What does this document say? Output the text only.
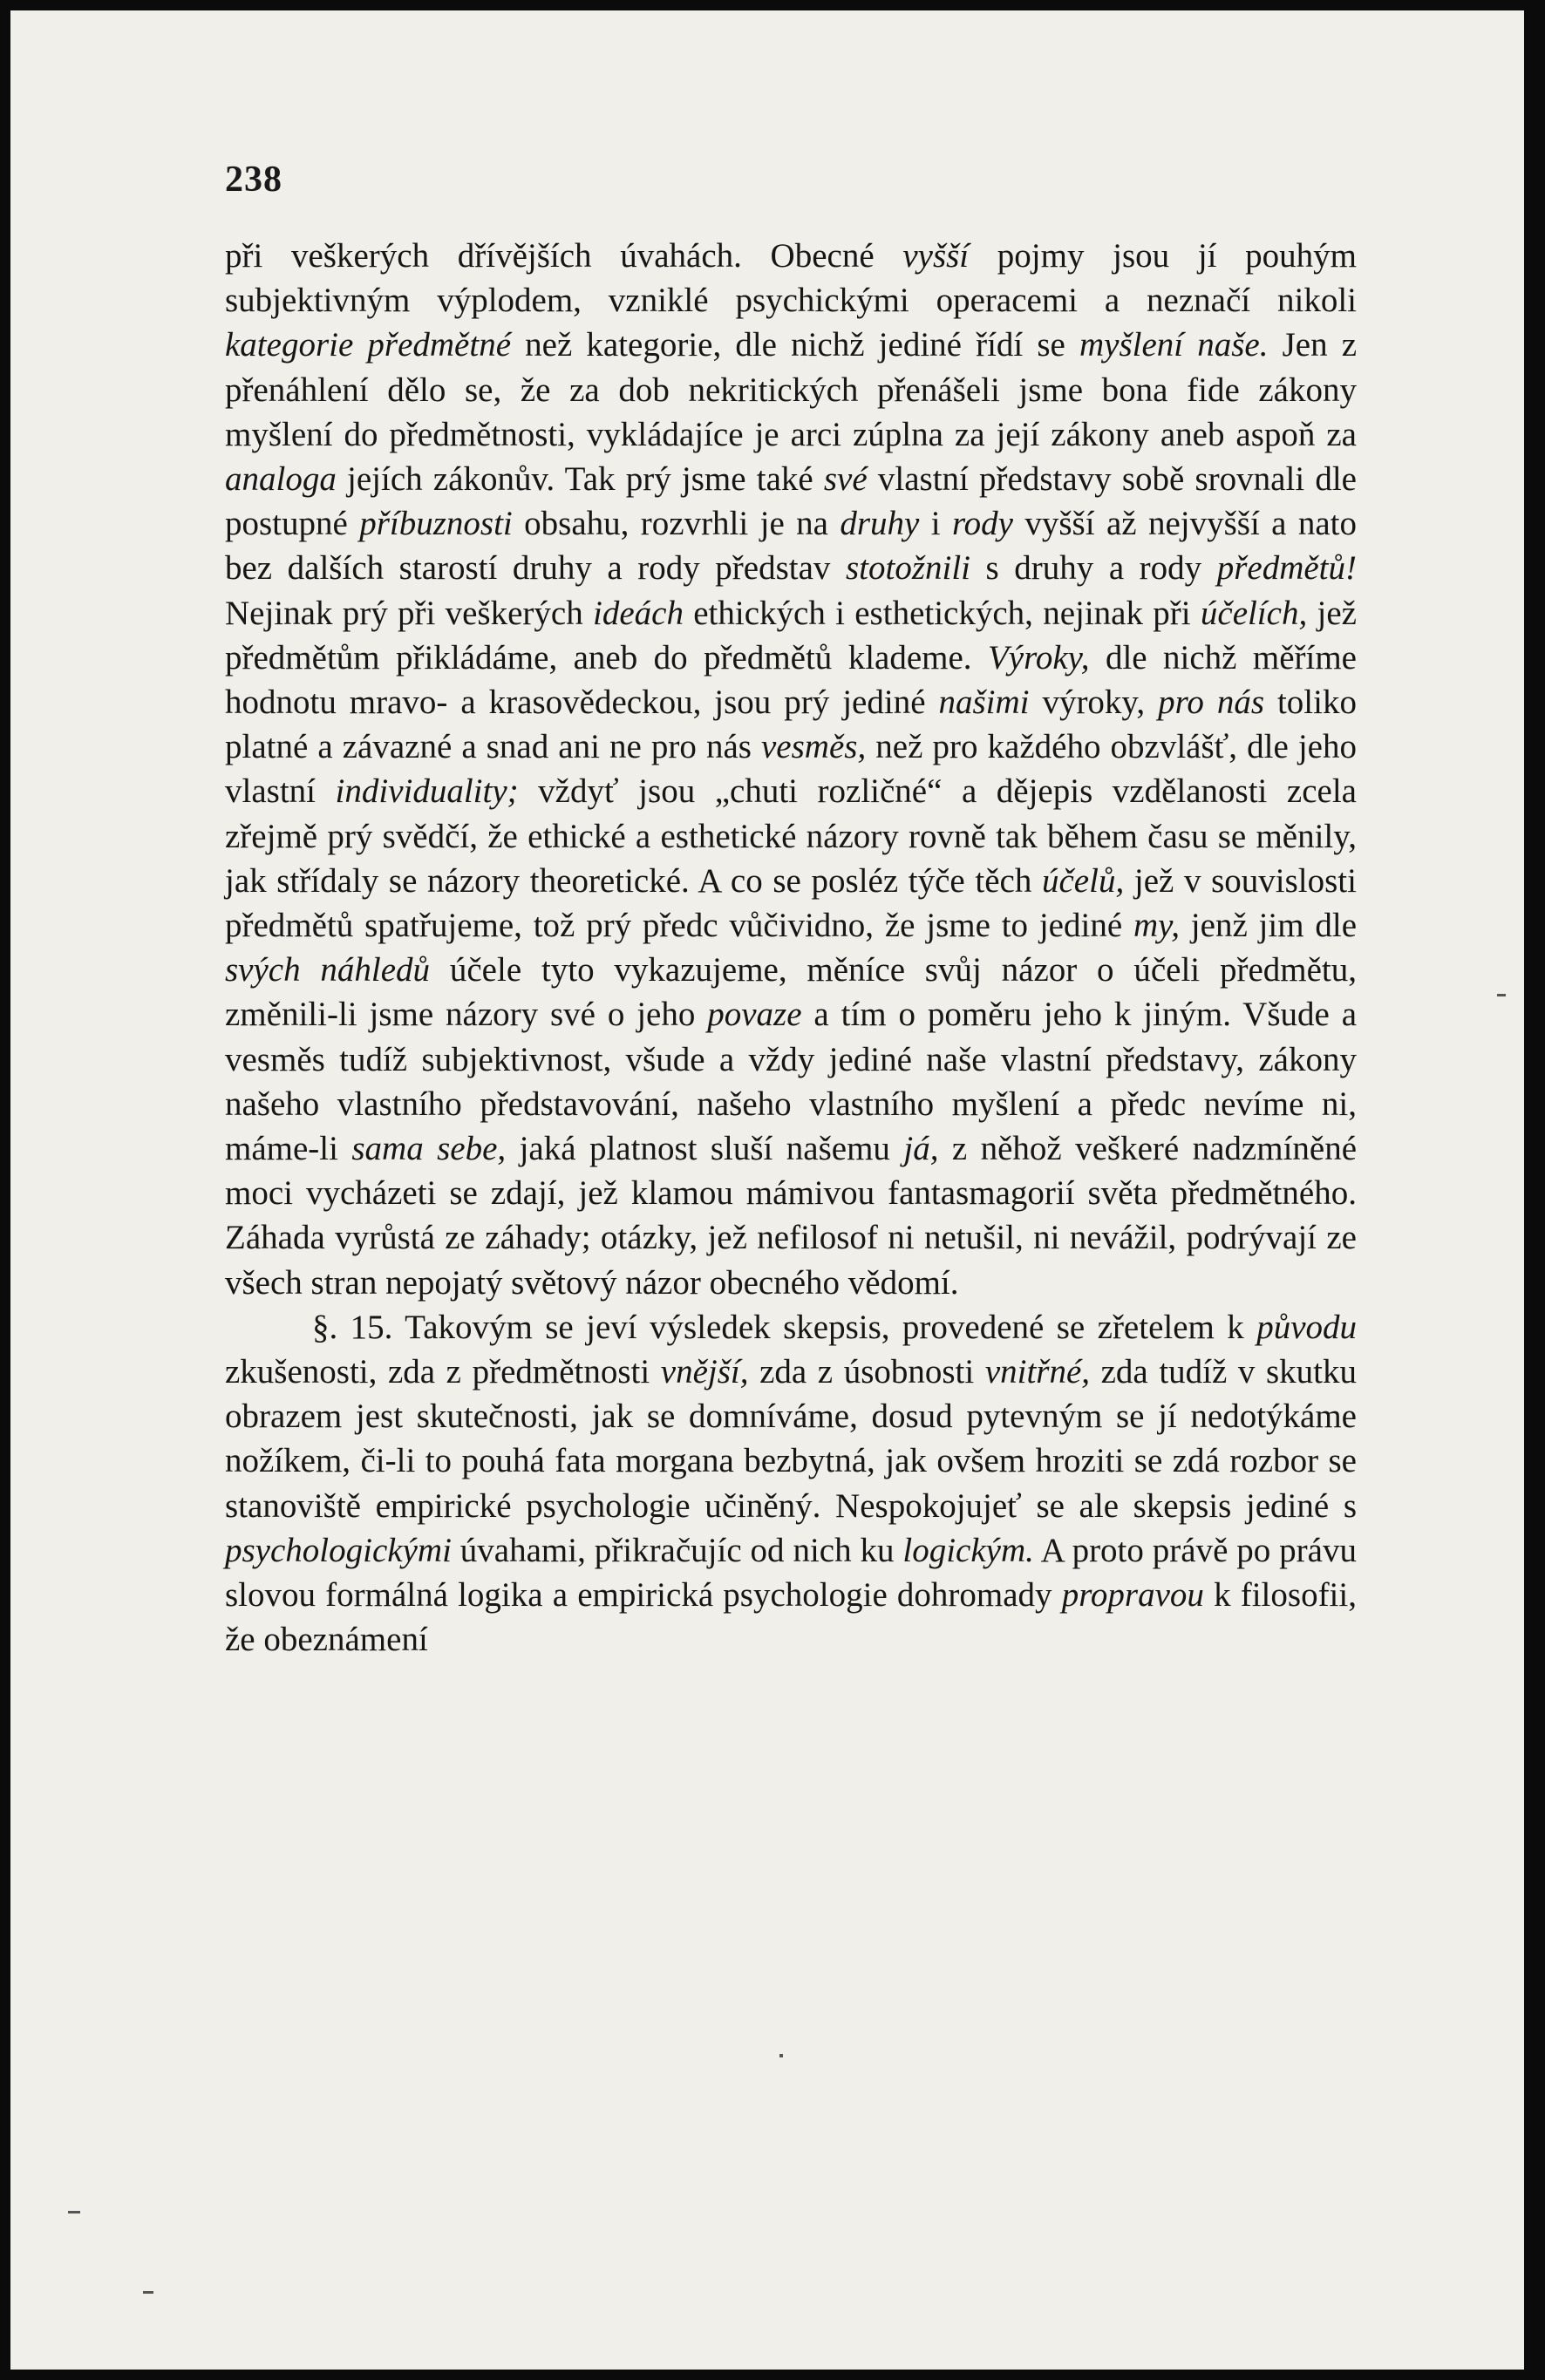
238

při veškerých dřívějších úvahách. Obecné vyšší pojmy jsou jí pouhým subjektivným výplodem, vzniklé psychickými operacemi a neznačí nikoli kategorie předmětné než kategorie, dle nichž jediné řídí se myšlení naše. Jen z přenáhlení dělo se, že za dob nekritických přenášeli jsme bona fide zákony myšlení do předmětnosti, vykládajíce je arci zúplna za její zákony aneb aspoň za analoga jejích zákonův. Tak prý jsme také své vlastní představy sobě srovnali dle postupné příbuznosti obsahu, rozvrhli je na druhy i rody vyšší až nejvyšší a nato bez dalších starostí druhy a rody představ stotožnili s druhy a rody předmětů! Nejinak prý při veškerých ideách ethických i esthetických, nejinak při účelích, jež předmětům přikládáme, aneb do předmětů klademe. Výroky, dle nichž měříme hodnotu mravo- a krasovědeckou, jsou prý jediné našimi výroky, pro nás toliko platné a závazné a snad ani ne pro nás vesměs, než pro každého obzvlášť, dle jeho vlastní individuality; vždyť jsou „chuti rozličné“ a dějepis vzdělanosti zcela zřejmě prý svědčí, že ethické a esthetické názory rovně tak během času se měnily, jak střídaly se názory theoretické. A co se posléz týče těch účelů, jež v souvislosti předmětů spatřujeme, tož prý předc vůčividno, že jsme to jediné my, jenž jim dle svých náhledů účele tyto vykazujeme, měníce svůj názor o účeli předmětu, změnili-li jsme názory své o jeho povaze a tím o poměru jeho k jiným. Všude a vesměs tudíž subjektivnost, všude a vždy jediné naše vlastní představy, zákony našeho vlastního představování, našeho vlastního myšlení a předc nevíme ni, máme-li sama sebe, jaká platnost sluší našemu já, z něhož veškeré nadzmíněné moci vycházeti se zdají, jež klamou mámivou fantasmagorií světa předmětného. Záhada vyrůstá ze záhady; otázky, jež nefilosof ni netušil, ni nevážil, podrývají ze všech stran nepojatý světový názor obecného vědomí.

§. 15. Takovým se jeví výsledek skepsis, provedené se zřetelem k původu zkušenosti, zda z předmětnosti vnější, zda z úsobnosti vnitřné, zda tudíž v skutku obrazem jest skutečnosti, jak se domníváme, dosud pytevným se jí nedotýkáme nožíkem, či-li to pouhá fata morgana bezbytná, jak ovšem hroziti se zdá rozbor se stanoviště empirické psychologie učiněný. Nespokojujeť se ale skepsis jediné s psychologickými úvahami, přikračujíc od nich ku logickým. A proto právě po právu slovou formálná logika a empirická psychologie dohromady propravou k filosofii, že obeznámení
